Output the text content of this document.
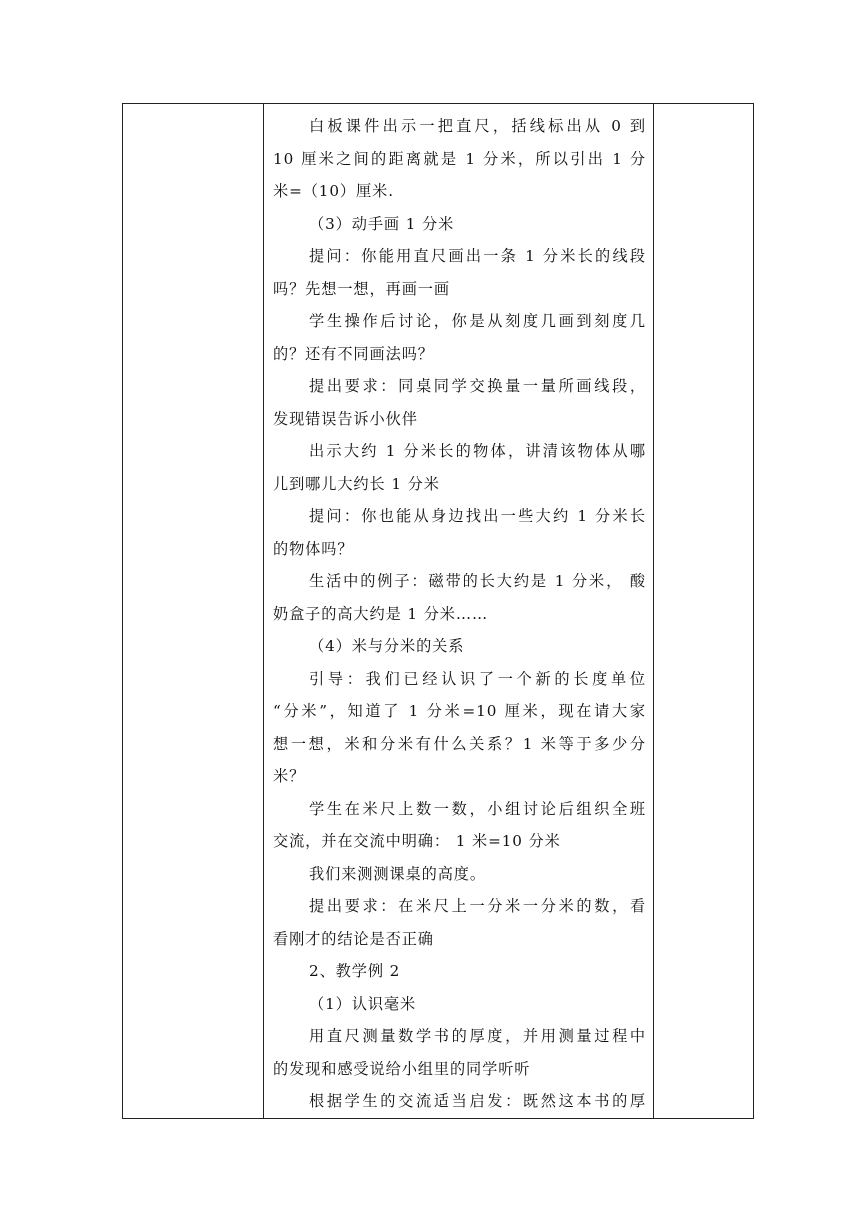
白板课件出示一把直尺，括线标出从 0 到
10 厘米之间的距离就是 1 分米，所以引出 1 分
米=（10）厘米.
（3）动手画 1 分米
提问：你能用直尺画出一条 1 分米长的线段
吗？先想一想，再画一画
学生操作后讨论，你是从刻度几画到刻度几
的？还有不同画法吗？
提出要求：同桌同学交换量一量所画线段，
发现错误告诉小伙伴
出示大约 1 分米长的物体，讲清该物体从哪
儿到哪儿大约长 1 分米
提问：你也能从身边找出一些大约 1 分米长
的物体吗？
生活中的例子：磁带的长大约是 1 分米， 酸
奶盒子的高大约是 1 分米……
（4）米与分米的关系
引导：我们已经认识了一个新的长度单位
“分米”，知道了 1 分米=10 厘米，现在请大家
想一想，米和分米有什么关系？1 米等于多少分
米？
学生在米尺上数一数，小组讨论后组织全班
交流，并在交流中明确： 1 米=10 分米
我们来测测课桌的高度。
提出要求：在米尺上一分米一分米的数，看
看刚才的结论是否正确
2、教学例 2
（1）认识毫米
用直尺测量数学书的厚度，并用测量过程中
的发现和感受说给小组里的同学听听
根据学生的交流适当启发：既然这本书的厚
